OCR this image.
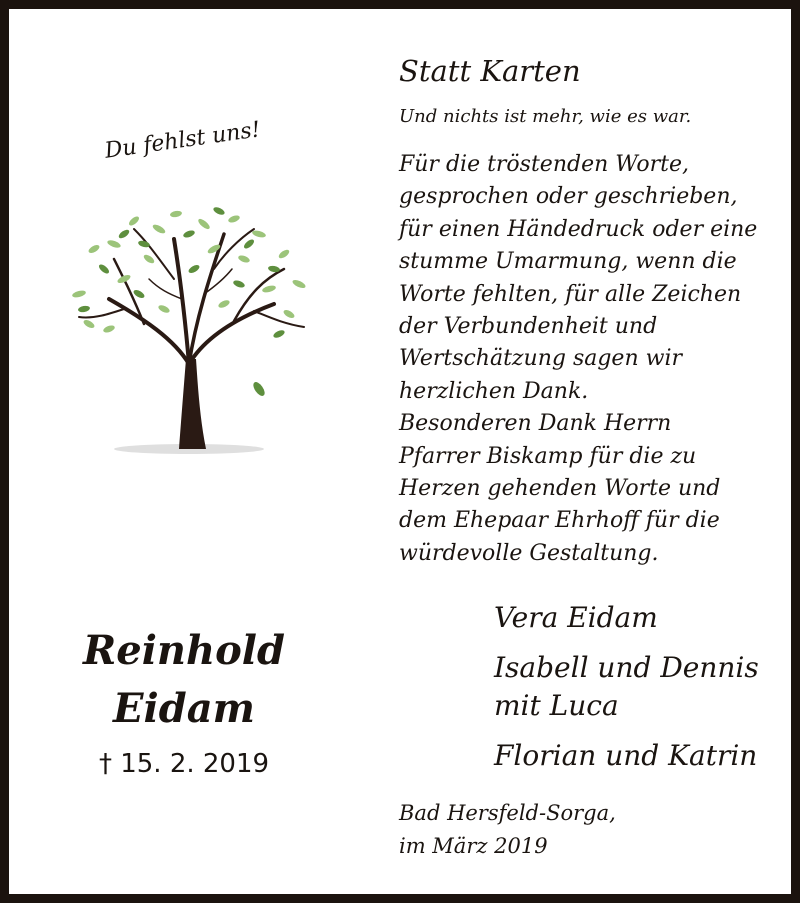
Du fehlst uns!
Reinhold
Eidam
† 15. 2. 2019
Statt Karten
Und nichts ist mehr, wie es war.
Für die tröstenden Worte,
gesprochen oder geschrieben,
für einen Händedruck oder eine
stumme Umarmung, wenn die
Worte fehlten, für alle Zeichen
der Verbundenheit und
Wertschätzung sagen wir
herzlichen Dank.
Besonderen Dank Herrn
Pfarrer Biskamp für die zu
Herzen gehenden Worte und
dem Ehepaar Ehrhoff für die
würdevolle Gestaltung.
Vera Eidam
Isabell und Dennis
mit Luca
Florian und Katrin
Bad Hersfeld-Sorga,
im März 2019
